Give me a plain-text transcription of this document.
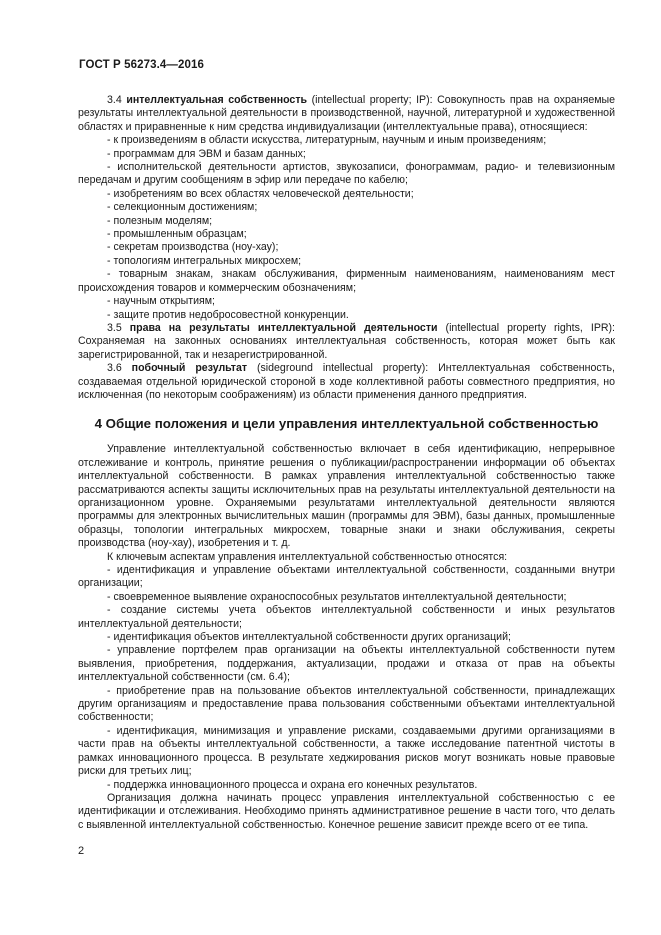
ГОСТ Р 56273.4—2016

3.4 интеллектуальная собственность (intellectual property; IP): Совокупность прав на охраняемые результаты интеллектуальной деятельности в производственной, научной, литературной и художественной областях и приравненные к ним средства индивидуализации (интеллектуальные права), относящиеся:

- к произведениям в области искусства, литературным, научным и иным произведениям;

- программам для ЭВМ и базам данных;

- исполнительской деятельности артистов, звукозаписи, фонограммам, радио- и телевизионным передачам и другим сообщениям в эфир или передаче по кабелю;

- изобретениям во всех областях человеческой деятельности;

- селекционным достижениям;

- полезным моделям;

- промышленным образцам;

- секретам производства (ноу-хау);

- топологиям интегральных микросхем;

- товарным знакам, знакам обслуживания, фирменным наименованиям, наименованиям мест происхождения товаров и коммерческим обозначениям;

- научным открытиям;

- защите против недобросовестной конкуренции.

3.5 права на результаты интеллектуальной деятельности (intellectual property rights, IPR): Сохраняемая на законных основаниях интеллектуальная собственность, которая может быть как зарегистрированной, так и незарегистрированной.

3.6 побочный результат (sideground intellectual property): Интеллектуальная собственность, создаваемая отдельной юридической стороной в ходе коллективной работы совместного предприятия, но исключенная (по некоторым соображениям) из области применения данного предприятия.

4 Общие положения и цели управления интеллектуальной собственностью

Управление интеллектуальной собственностью включает в себя идентификацию, непрерывное отслеживание и контроль, принятие решения о публикации/распространении информации об объектах интеллектуальной собственности. В рамках управления интеллектуальной собственностью также рассматриваются аспекты защиты исключительных прав на результаты интеллектуальной деятельности на организационном уровне. Охраняемыми результатами интеллектуальной деятельности являются программы для электронных вычислительных машин (программы для ЭВМ), базы данных, промышленные образцы, топологии интегральных микросхем, товарные знаки и знаки обслуживания, секреты производства (ноу-хау), изобретения и т. д.

К ключевым аспектам управления интеллектуальной собственностью относятся:

- идентификация и управление объектами интеллектуальной собственности, созданными внутри организации;

- своевременное выявление охраноспособных результатов интеллектуальной деятельности;

- создание системы учета объектов интеллектуальной собственности и иных результатов интеллектуальной деятельности;

- идентификация объектов интеллектуальной собственности других организаций;

- управление портфелем прав организации на объекты интеллектуальной собственности путем выявления, приобретения, поддержания, актуализации, продажи и отказа от прав на объекты интеллектуальной собственности (см. 6.4);

- приобретение прав на пользование объектов интеллектуальной собственности, принадлежащих другим организациям и предоставление права пользования собственными объектами интеллектуальной собственности;

- идентификация, минимизация и управление рисками, создаваемыми другими организациями в части прав на объекты интеллектуальной собственности, а также исследование патентной чистоты в рамках инновационного процесса. В результате хеджирования рисков могут возникать новые правовые риски для третьих лиц;

- поддержка инновационного процесса и охрана его конечных результатов.

Организация должна начинать процесс управления интеллектуальной собственностью с ее идентификации и отслеживания. Необходимо принять административное решение в части того, что делать с выявленной интеллектуальной собственностью. Конечное решение зависит прежде всего от ее типа.

2
